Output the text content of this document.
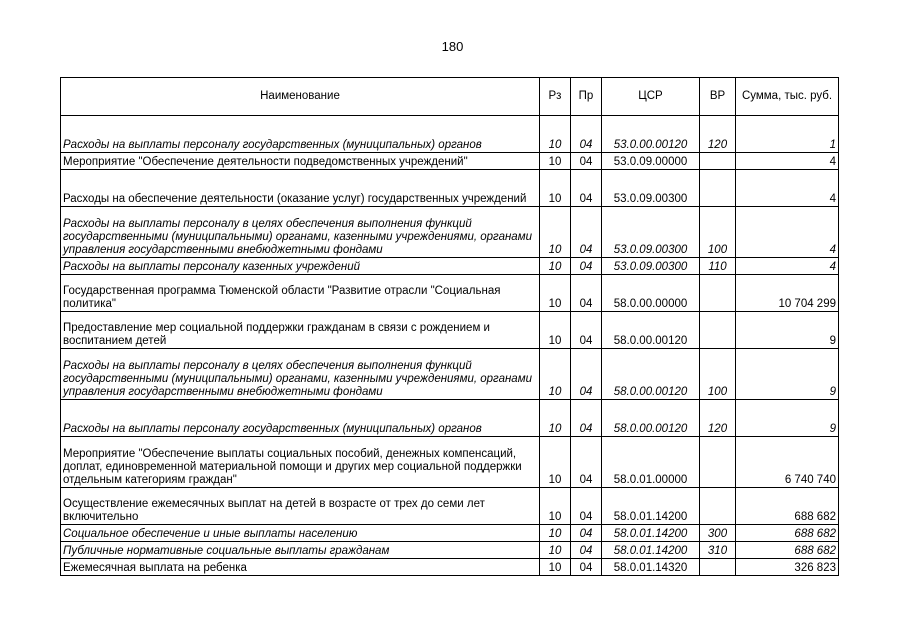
180
Наименование	Рз	Пр	ЦСР	ВР	Сумма, тыс. руб.
Расходы на выплаты персоналу государственных (муниципальных) органов	10	04	53.0.00.00120	120	1
Мероприятие "Обеспечение деятельности подведомственных учреждений"	10	04	53.0.09.00000		4
Расходы на обеспечение деятельности (оказание услуг) государственных учреждений	10	04	53.0.09.00300		4
Расходы на выплаты персоналу в целях обеспечения выполнения функций государственными (муниципальными) органами, казенными учреждениями, органами управления государственными внебюджетными фондами	10	04	53.0.09.00300	100	4
Расходы на выплаты персоналу казенных учреждений	10	04	53.0.09.00300	110	4
Государственная программа Тюменской области "Развитие отрасли "Социальная политика"	10	04	58.0.00.00000		10 704 299
Предоставление мер социальной поддержки гражданам в связи с рождением и воспитанием детей	10	04	58.0.00.00120		9
Расходы на выплаты персоналу в целях обеспечения выполнения функций государственными (муниципальными) органами, казенными учреждениями, органами управления государственными внебюджетными фондами	10	04	58.0.00.00120	100	9
Расходы на выплаты персоналу государственных (муниципальных) органов	10	04	58.0.00.00120	120	9
Мероприятие "Обеспечение выплаты социальных пособий, денежных компенсаций, доплат, единовременной материальной помощи и других мер социальной поддержки отдельным категориям граждан"	10	04	58.0.01.00000		6 740 740
Осуществление ежемесячных выплат на детей в возрасте от трех до семи лет включительно	10	04	58.0.01.14200		688 682
Социальное обеспечение и иные выплаты населению	10	04	58.0.01.14200	300	688 682
Публичные нормативные социальные выплаты гражданам	10	04	58.0.01.14200	310	688 682
Ежемесячная выплата на ребенка	10	04	58.0.01.14320		326 823
